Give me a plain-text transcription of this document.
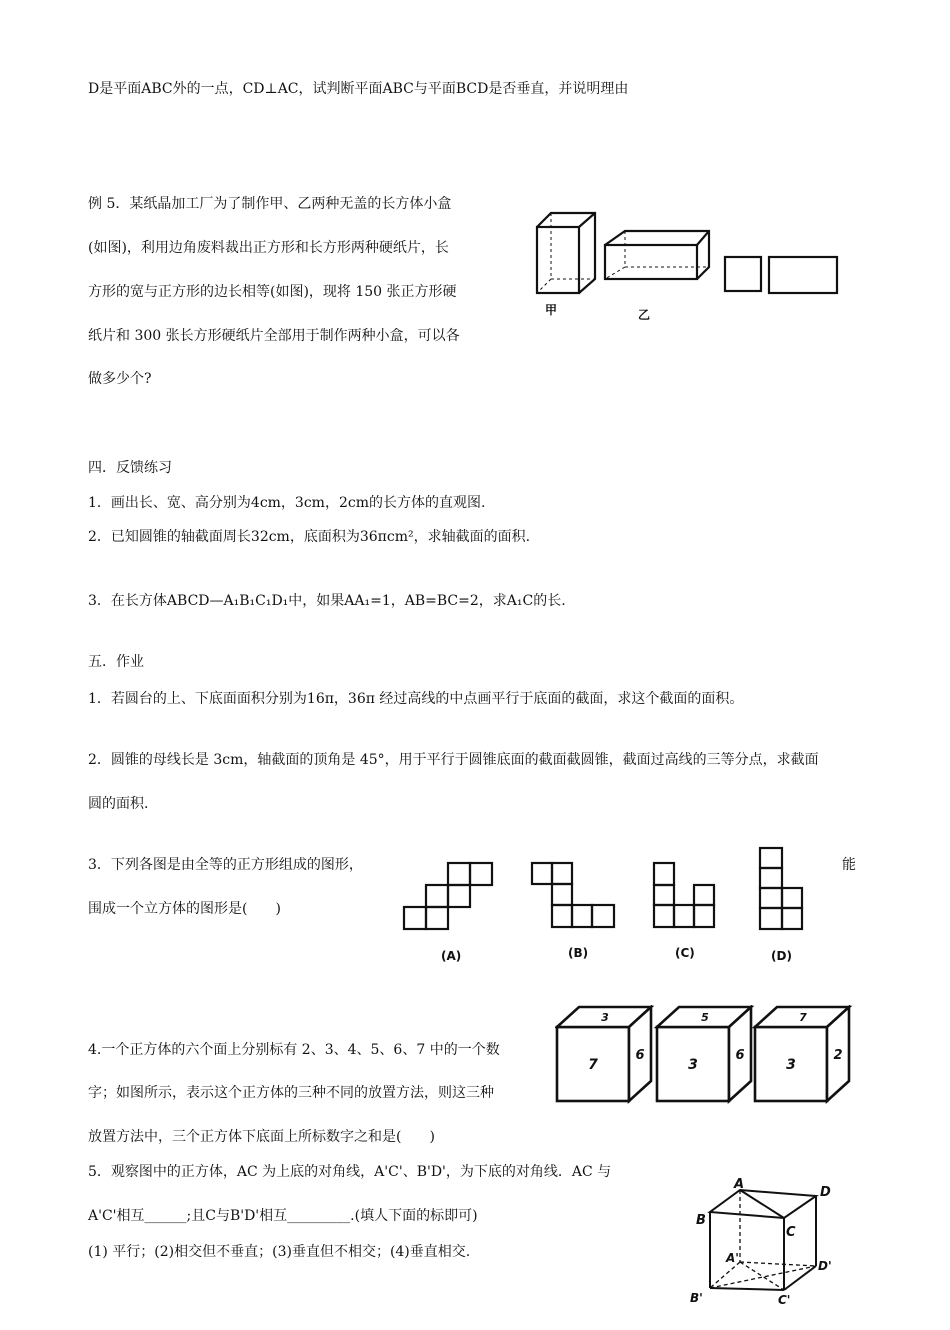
D是平面ABC外的一点，CD⊥AC，试判断平面ABC与平面BCD是否垂直，并说明理由
例 5．某纸晶加工厂为了制作甲、乙两种无盖的长方体小盒
(如图)，利用边角废料裁出正方形和长方形两种硬纸片，长
方形的宽与正方形的边长相等(如图)，现将 150 张正方形硬
纸片和 300 张长方形硬纸片全部用于制作两种小盒，可以各
做多少个?
四．反馈练习
1．画出长、宽、高分别为4cm，3cm，2cm的长方体的直观图.
2．已知圆锥的轴截面周长32cm，底面积为36πcm²，求轴截面的面积.
3．在长方体ABCD—A₁B₁C₁D₁中，如果AA₁=1，AB=BC=2，求A₁C的长.
五．作业
1．若圆台的上、下底面面积分别为16π，36π 经过高线的中点画平行于底面的截面，求这个截面的面积。
2．圆锥的母线长是 3cm，轴截面的顶角是 45°，用于平行于圆锥底面的截面截圆锥，截面过高线的三等分点，求截面
圆的面积.
3．下列各图是由全等的正方形组成的图形，	能
围成一个立方体的图形是(　　)
4.一个正方体的六个面上分别标有 2、3、4、5、6、7 中的一个数
字；如图所示，表示这个正方体的三种不同的放置方法，则这三种
放置方法中，三个正方体下底面上所标数字之和是(　　)
5．观察图中的正方体，AC 为上底的对角线，A'C'、B'D'，为下底的对角线．AC 与
A'C'相互______;且C与B'D'相互_________.(填人下面的标即可)
(1) 平行；(2)相交但不垂直；(3)垂直但不相交；(4)垂直相交.
甲	乙
(A)	(B)	(C)	(D)
3
7
6
5
3
6
7
3
2
A
D
B
C
A'
D'
B'	C'
